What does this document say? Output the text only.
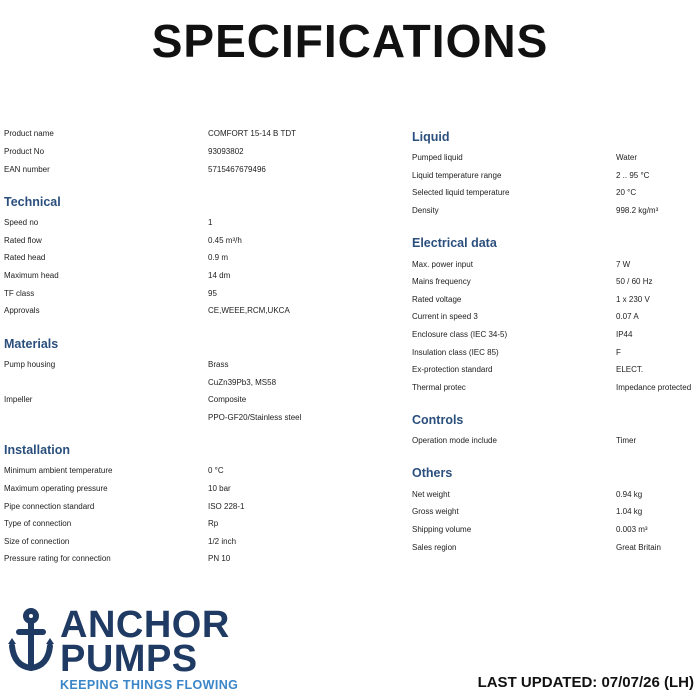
SPECIFICATIONS
Product name	COMFORT 15-14 B TDT
Product No	93093802
EAN number	5715467679496
Technical
Speed no	1
Rated flow	0.45 m³/h
Rated head	0.9 m
Maximum head	14 dm
TF class	95
Approvals	CE,WEEE,RCM,UKCA
Materials
Pump housing	Brass
CuZn39Pb3, MS58
Impeller	Composite
PPO-GF20/Stainless steel
Installation
Minimum ambient temperature	0 °C
Maximum operating pressure	10 bar
Pipe connection standard	ISO 228-1
Type of connection	Rp
Size of connection	1/2 inch
Pressure rating for connection	PN 10
Liquid
Pumped liquid	Water
Liquid temperature range	2 .. 95 °C
Selected liquid temperature	20 °C
Density	998.2 kg/m³
Electrical data
Max. power input	7 W
Mains frequency	50 / 60 Hz
Rated voltage	1 x 230 V
Current in speed 3	0.07 A
Enclosure class (IEC 34-5)	IP44
Insulation class (IEC 85)	F
Ex-protection standard	ELECT.
Thermal protec	Impedance protected
Controls
Operation mode include	Timer
Others
Net weight	0.94 kg
Gross weight	1.04 kg
Shipping volume	0.003 m³
Sales region	Great Britain
ANCHOR
PUMPS
KEEPING THINGS FLOWING	LAST UPDATED: 07/07/26 (LH)
